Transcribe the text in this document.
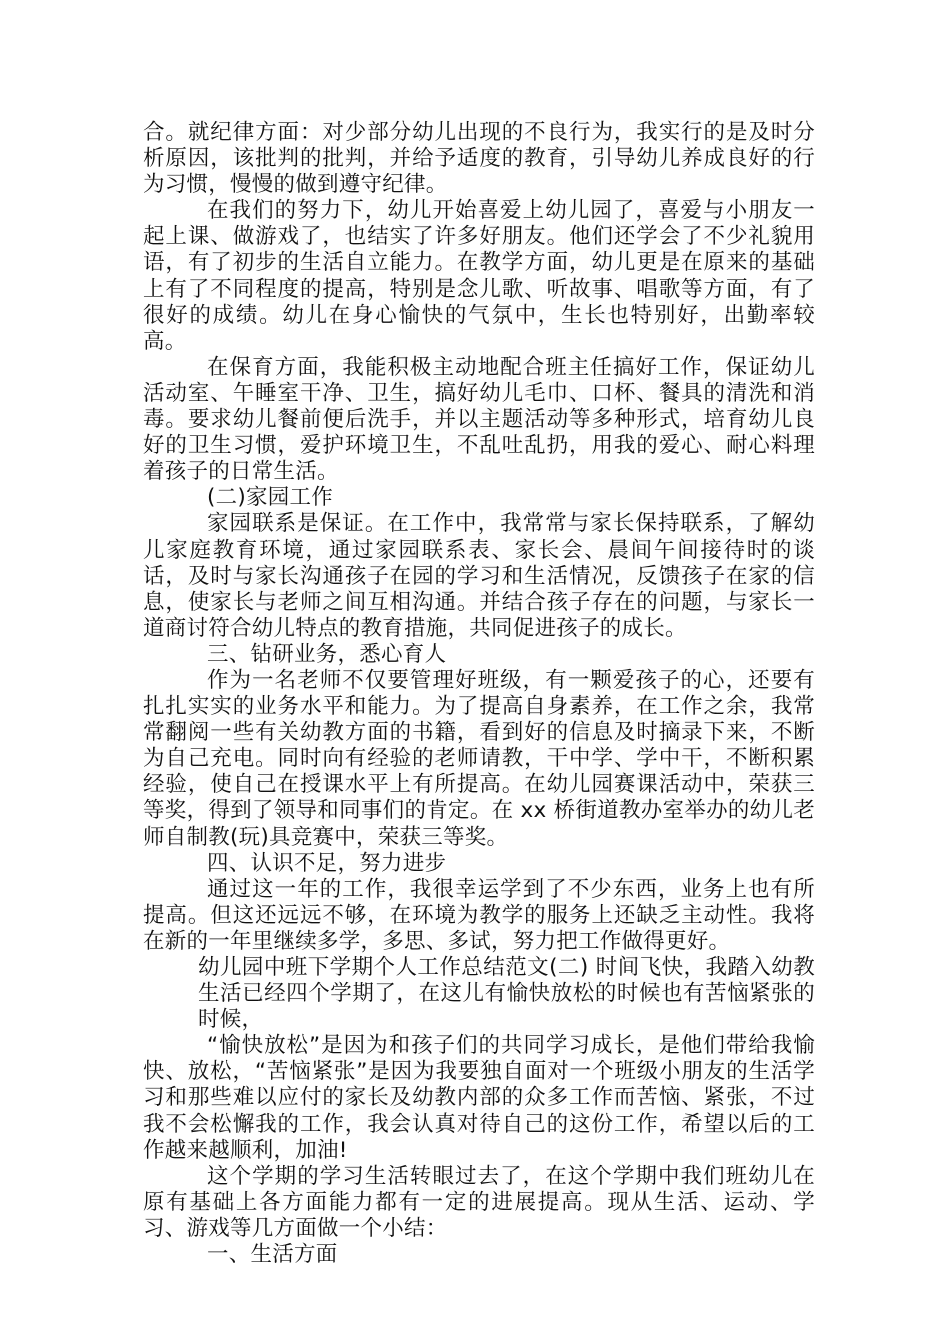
合。就纪律方面：对少部分幼儿出现的不良行为，我实行的是及时分析原因，该批判的批判，并给予适度的教育，引导幼儿养成良好的行为习惯，慢慢的做到遵守纪律。

在我们的努力下，幼儿开始喜爱上幼儿园了，喜爱与小朋友一起上课、做游戏了，也结实了许多好朋友。他们还学会了不少礼貌用语，有了初步的生活自立能力。在教学方面，幼儿更是在原来的基础上有了不同程度的提高，特别是念儿歌、听故事、唱歌等方面，有了很好的成绩。幼儿在身心愉快的气氛中，生长也特别好，出勤率较高。

在保育方面，我能积极主动地配合班主任搞好工作，保证幼儿活动室、午睡室干净、卫生，搞好幼儿毛巾、口杯、餐具的清洗和消毒。要求幼儿餐前便后洗手，并以主题活动等多种形式，培育幼儿良好的卫生习惯，爱护环境卫生，不乱吐乱扔，用我的爱心、耐心料理着孩子的日常生活。

(二)家园工作

家园联系是保证。在工作中，我常常与家长保持联系，了解幼儿家庭教育环境，通过家园联系表、家长会、晨间午间接待时的谈话，及时与家长沟通孩子在园的学习和生活情况，反馈孩子在家的信息，使家长与老师之间互相沟通。并结合孩子存在的问题，与家长一道商讨符合幼儿特点的教育措施，共同促进孩子的成长。

三、钻研业务，悉心育人

作为一名老师不仅要管理好班级，有一颗爱孩子的心，还要有扎扎实实的业务水平和能力。为了提高自身素养，在工作之余，我常常翻阅一些有关幼教方面的书籍，看到好的信息及时摘录下来，不断为自己充电。同时向有经验的老师请教，干中学、学中干，不断积累经验，使自己在授课水平上有所提高。在幼儿园赛课活动中，荣获三等奖，得到了领导和同事们的肯定。在 xx 桥街道教办室举办的幼儿老师自制教(玩)具竞赛中，荣获三等奖。

四、认识不足，努力进步

通过这一年的工作，我很幸运学到了不少东西，业务上也有所提高。但这还远远不够，在环境为教学的服务上还缺乏主动性。我将在新的一年里继续多学，多思、多试，努力把工作做得更好。

幼儿园中班下学期个人工作总结范文(二) 时间飞快，我踏入幼教生活已经四个学期了，在这儿有愉快放松的时候也有苦恼紧张的时候，

“愉快放松”是因为和孩子们的共同学习成长，是他们带给我愉快、放松，“苦恼紧张”是因为我要独自面对一个班级小朋友的生活学习和那些难以应付的家长及幼教内部的众多工作而苦恼、紧张，不过我不会松懈我的工作，我会认真对待自己的这份工作，希望以后的工作越来越顺利，加油!

这个学期的学习生活转眼过去了，在这个学期中我们班幼儿在原有基础上各方面能力都有一定的进展提高。现从生活、运动、学习、游戏等几方面做一个小结：

一、生活方面
